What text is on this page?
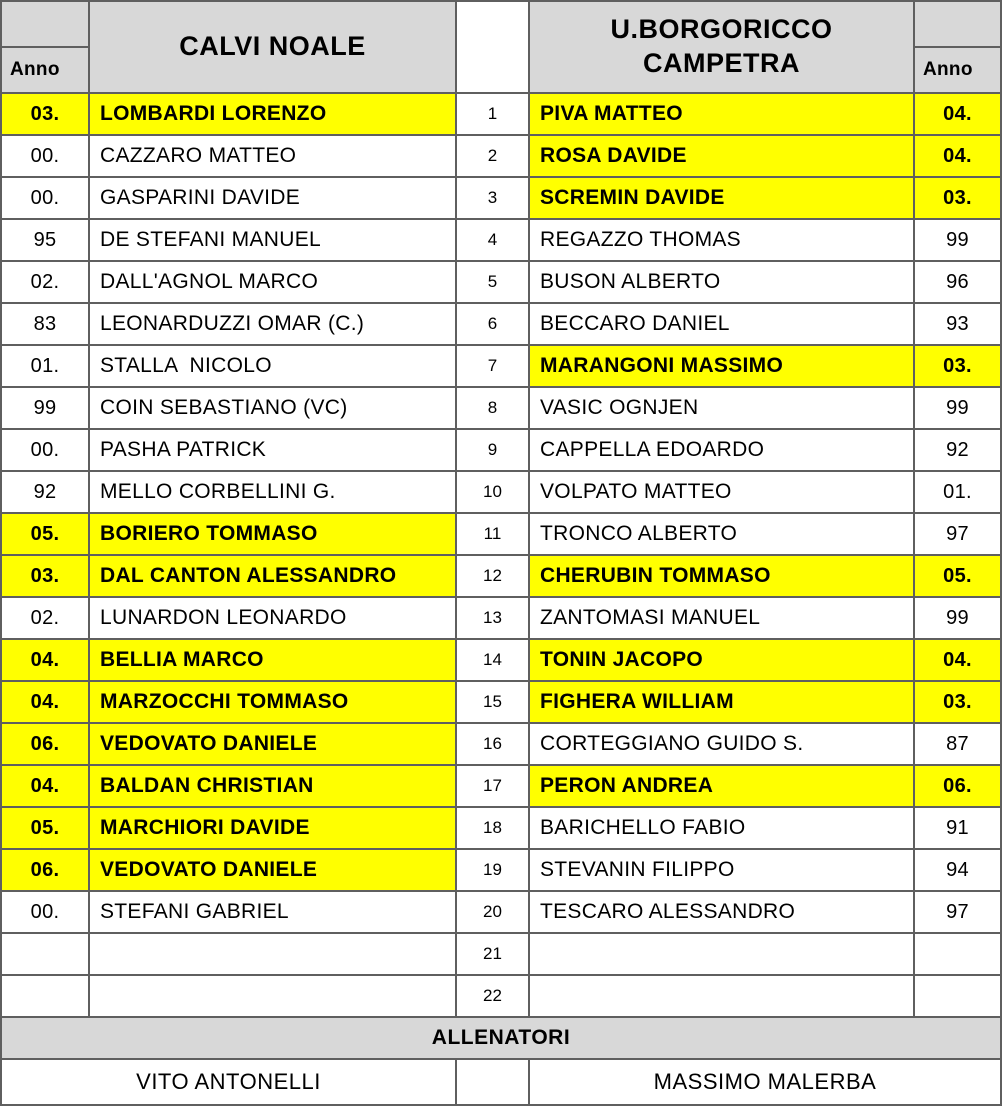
	CALVI NOALE		U.BORGORICCO CAMPETRA	

Anno				Anno
03.	LOMBARDI LORENZO	1	PIVA MATTEO	04.
00.	CAZZARO MATTEO	2	ROSA DAVIDE	04.
00.	GASPARINI DAVIDE	3	SCREMIN DAVIDE	03.
95	DE STEFANI MANUEL	4	REGAZZO THOMAS	99
02.	DALL'AGNOL MARCO	5	BUSON ALBERTO	96
83	LEONARDUZZI OMAR (C.)	6	BECCARO DANIEL	93
01.	STALLA  NICOLO	7	MARANGONI MASSIMO	03.
99	COIN SEBASTIANO (VC)	8	VASIC OGNJEN	99
00.	PASHA PATRICK	9	CAPPELLA EDOARDO	92
92	MELLO CORBELLINI G.	10	VOLPATO MATTEO	01.
05.	BORIERO TOMMASO	11	TRONCO ALBERTO	97
03.	DAL CANTON ALESSANDRO	12	CHERUBIN TOMMASO	05.
02.	LUNARDON LEONARDO	13	ZANTOMASI MANUEL	99
04.	BELLIA MARCO	14	TONIN JACOPO	04.
04.	MARZOCCHI TOMMASO	15	FIGHERA WILLIAM	03.
06.	VEDOVATO DANIELE	16	CORTEGGIANO GUIDO S.	87
04.	BALDAN CHRISTIAN	17	PERON ANDREA	06.
05.	MARCHIORI DAVIDE	18	BARICHELLO FABIO	91
06.	VEDOVATO DANIELE	19	STEVANIN FILIPPO	94
00.	STEFANI GABRIEL	20	TESCARO ALESSANDRO	97
		21		
		22		
ALLENATORI				
VITO ANTONELLI			MASSIMO MALERBA	
